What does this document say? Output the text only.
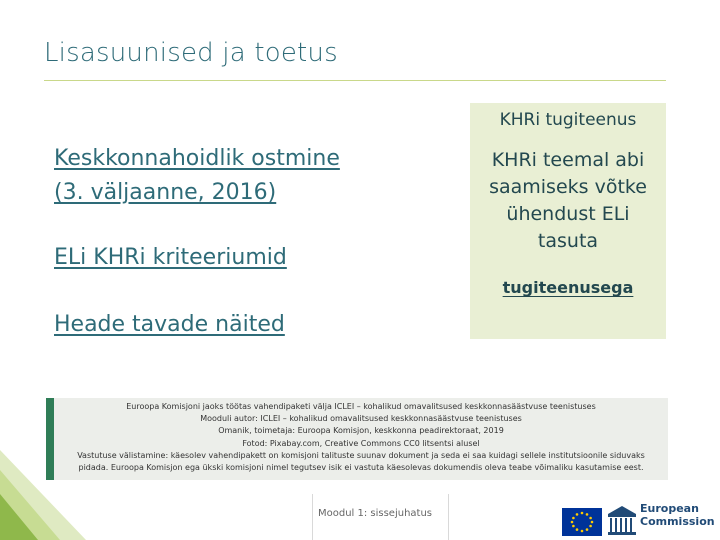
Lisasuunised ja toetus
Keskkonnahoidlik ostmine
(3. väljaanne, 2016)
ELi KHRi kriteeriumid
Heade tavade näited
KHRi tugiteenus
KHRi teemal abi
saamiseks võtke
ühendust ELi
tasuta
tugiteenusega
Euroopa Komisjoni jaoks töötas vahendipaketi välja ICLEI – kohalikud omavalitsused keskkonnasäästvuse teenistuses
Mooduli autor: ICLEI – kohalikud omavalitsused keskkonnasäästvuse teenistuses
Omanik, toimetaja: Euroopa Komisjon, keskkonna peadirektoraat, 2019
Fotod: Pixabay.com, Creative Commons CC0 litsentsi alusel
Vastutuse välistamine: käesolev vahendipakett on komisjoni talituste suunav dokument ja seda ei saa kuidagi sellele institutsioonile siduvaks
pidada. Euroopa Komisjon ega ükski komisjoni nimel tegutsev isik ei vastuta käesolevas dokumendis oleva teabe võimaliku kasutamise eest.
Moodul 1: sissejuhatus	European
Commission
